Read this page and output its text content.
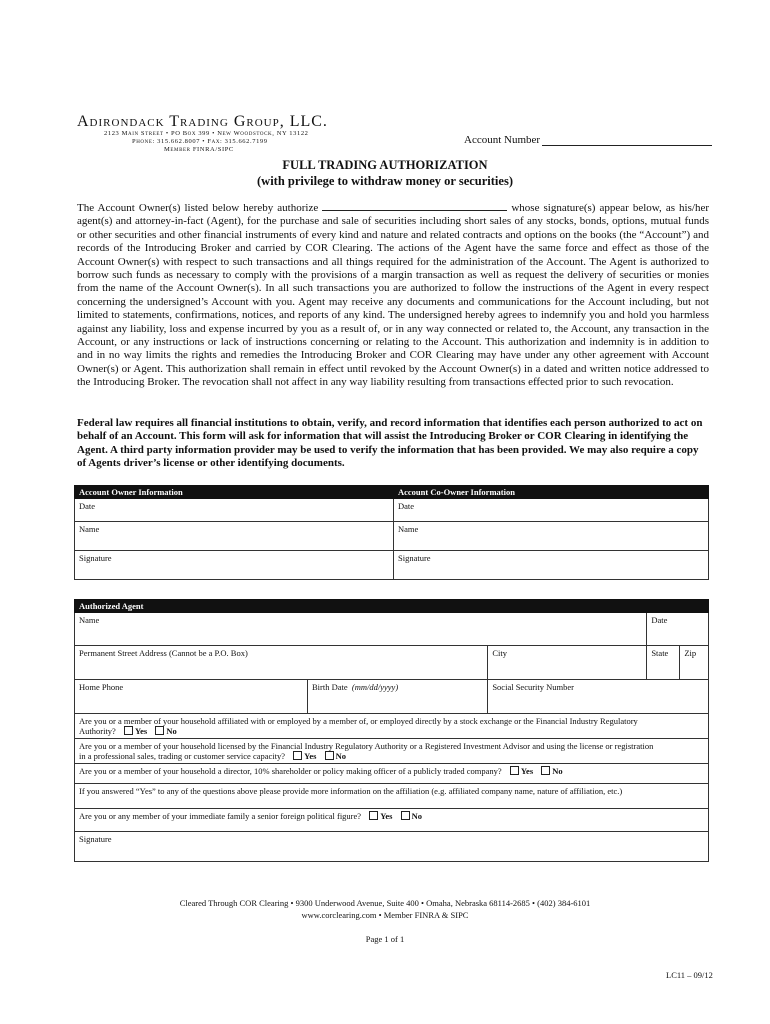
Adirondack Trading Group, LLC.
2123 Main Street • PO Box 399 • New Woodstock, NY 13122
Phone: 315.662.8007 • Fax: 315.662.7199
Member FINRA/SIPC
Account Number
FULL TRADING AUTHORIZATION
(with privilege to withdraw money or securities)
The Account Owner(s) listed below hereby authorize	whose signature(s) appear below, as his/her agent(s) and attorney-in-fact (Agent), for the purchase and sale of securities including short sales of any stocks, bonds, options, mutual funds or other securities and other financial instruments of every kind and nature and related contracts and options on the books (the “Account”) and records of the Introducing Broker and carried by COR Clearing. The actions of the Agent have the same force and effect as those of the Account Owner(s) with respect to such transactions and all things required for the administration of the Account. The Agent is authorized to borrow such funds as necessary to comply with the provisions of a margin transaction as well as request the delivery of securities or monies from the name of the Account Owner(s). In all such transactions you are authorized to follow the instructions of the Agent in every respect concerning the undersigned’s Account with you. Agent may receive any documents and communications for the Account including, but not limited to statements, confirmations, notices, and reports of any kind. The undersigned hereby agrees to indemnify you and hold you harmless against any liability, loss and expense incurred by you as a result of, or in any way connected or related to, the Account, any transaction in the Account, or any instructions or lack of instructions concerning or relating to the Account. This authorization and indemnity is in addition to and in no way limits the rights and remedies the Introducing Broker and COR Clearing may have under any other agreement with Account Owner(s) or Agent. This authorization shall remain in effect until revoked by the Account Owner(s) in a dated and written notice addressed to the Introducing Broker. The revocation shall not affect in any way liability resulting from transactions effected prior to such revocation.
Federal law requires all financial institutions to obtain, verify, and record information that identifies each person authorized to act on behalf of an Account. This form will ask for information that will assist the Introducing Broker or COR Clearing in identifying the Agent. A third party information provider may be used to verify the information that has been provided. We may also require a copy of Agents driver’s license or other identifying documents.
Account Owner Information	Account Co-Owner Information
Date	Date
Name	Name
Signature	Signature
Authorized Agent				
Name			Date	
Permanent Street Address (Cannot be a P.O. Box)		City	State	Zip
Home Phone	Birth Date (mm/dd/yyyy)	Social Security Number		

Are you or a member of your household affiliated with or employed by a member of, or employed directly by a stock exchange or the Financial Industry Regulatory
Authority? Yes No				

Are you or a member of your household licensed by the Financial Industry Regulatory Authority or a Registered Investment Advisor and using the license or registration
in a professional sales, trading or customer service capacity? Yes No				

Are you or a member of your household a director, 10% shareholder or policy making officer of a publicly traded company? Yes No				
If you answered “Yes” to any of the questions above please provide more information on the affiliation (e.g. affiliated company name, nature of affiliation, etc.)				
Are you or any member of your immediate family a senior foreign political figure? Yes No				
Signature				
Cleared Through COR Clearing • 9300 Underwood Avenue, Suite 400 • Omaha, Nebraska 68114-2685 • (402) 384-6101
www.corclearing.com • Member FINRA & SIPC
Page 1 of 1
LC11 – 09/12
